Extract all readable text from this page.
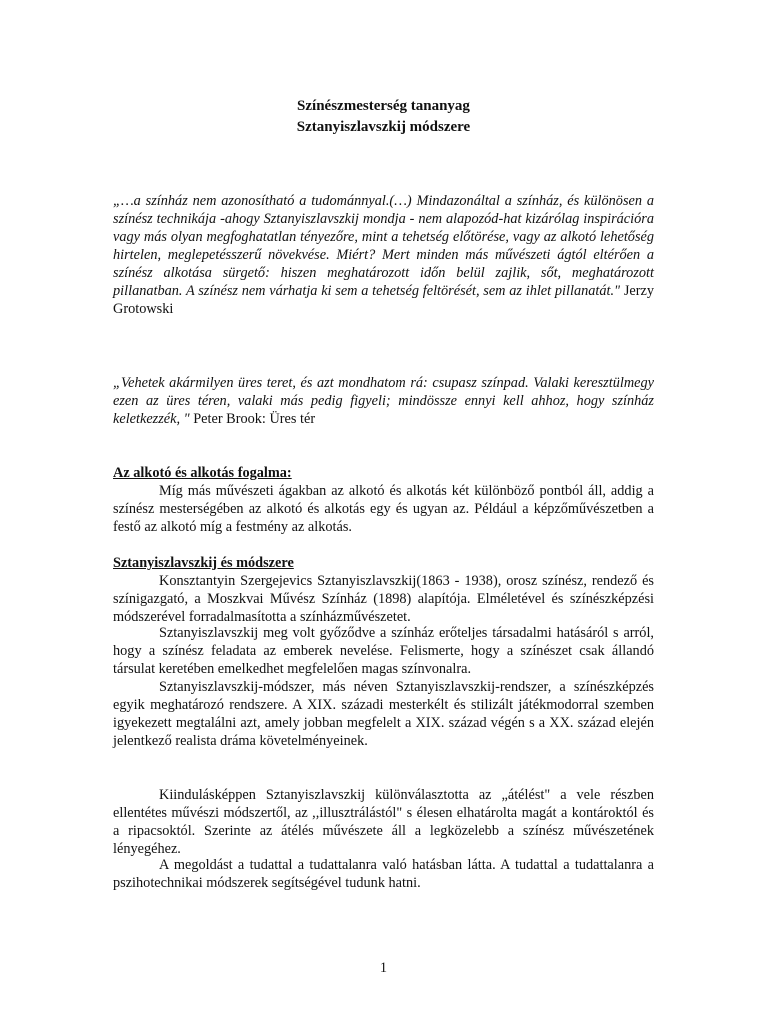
Színészmesterség tananyag
Sztanyiszlavszkij módszere

„…a színház nem azonosítható a tudománnyal.(…) Mindazonáltal a színház, és különösen a színész technikája -ahogy Sztanyiszlavszkij mondja - nem alapozód-hat kizárólag inspirációra vagy más olyan megfoghatatlan tényezőre, mint a tehetség előtörése, vagy az alkotó lehetőség hirtelen, meglepetésszerű növekvése. Miért? Mert minden más művészeti ágtól eltérően a színész alkotása sürgető: hiszen meghatározott időn belül zajlik, sőt, meghatározott pillanatban. A színész nem várhatja ki sem a tehetség feltörését, sem az ihlet pillanatát." Jerzy Grotowski

„Vehetek akármilyen üres teret, és azt mondhatom rá: csupasz színpad. Valaki keresztülmegy ezen az üres téren, valaki más pedig figyeli; mindössze ennyi kell ahhoz, hogy színház keletkezzék, " Peter Brook: Üres tér

Az alkotó és alkotás fogalma:

Míg más művészeti ágakban az alkotó és alkotás két különböző pontból áll, addig a színész mesterségében az alkotó és alkotás egy és ugyan az. Például a képzőművészetben a festő az alkotó míg a festmény az alkotás.

Sztanyiszlavszkij és módszere

Konsztantyin Szergejevics Sztanyiszlavszkij(1863 - 1938), orosz színész, rendező és színigazgató, a Moszkvai Művész Színház (1898) alapítója. Elméletével és színészképzési módszerével forradalmasította a színházművészetet.

Sztanyiszlavszkij meg volt győződve a színház erőteljes társadalmi hatásáról s arról, hogy a színész feladata az emberek nevelése. Felismerte, hogy a színészet csak állandó társulat keretében emelkedhet megfelelően magas színvonalra.

Sztanyiszlavszkij-módszer, más néven Sztanyiszlavszkij-rendszer, a színészképzés egyik meghatározó rendszere. A XIX. századi mesterkélt és stilizált játékmodorral szemben igyekezett megtalálni azt, amely jobban megfelelt a XIX. század végén s a XX. század elején jelentkező realista dráma követelményeinek.

Kiindulásképpen Sztanyiszlavszkij különválasztotta az „átélést" a vele részben ellentétes művészi módszertől, az ,,illusztrálástól" s élesen elhatárolta magát a kontároktól és a ripacsoktól. Szerinte az átélés művészete áll a legközelebb a színész művészetének lényegéhez.

A megoldást a tudattal a tudattalanra való hatásban látta. A tudattal a tudattalanra a pszihotechnikai módszerek segítségével tudunk hatni.

1
